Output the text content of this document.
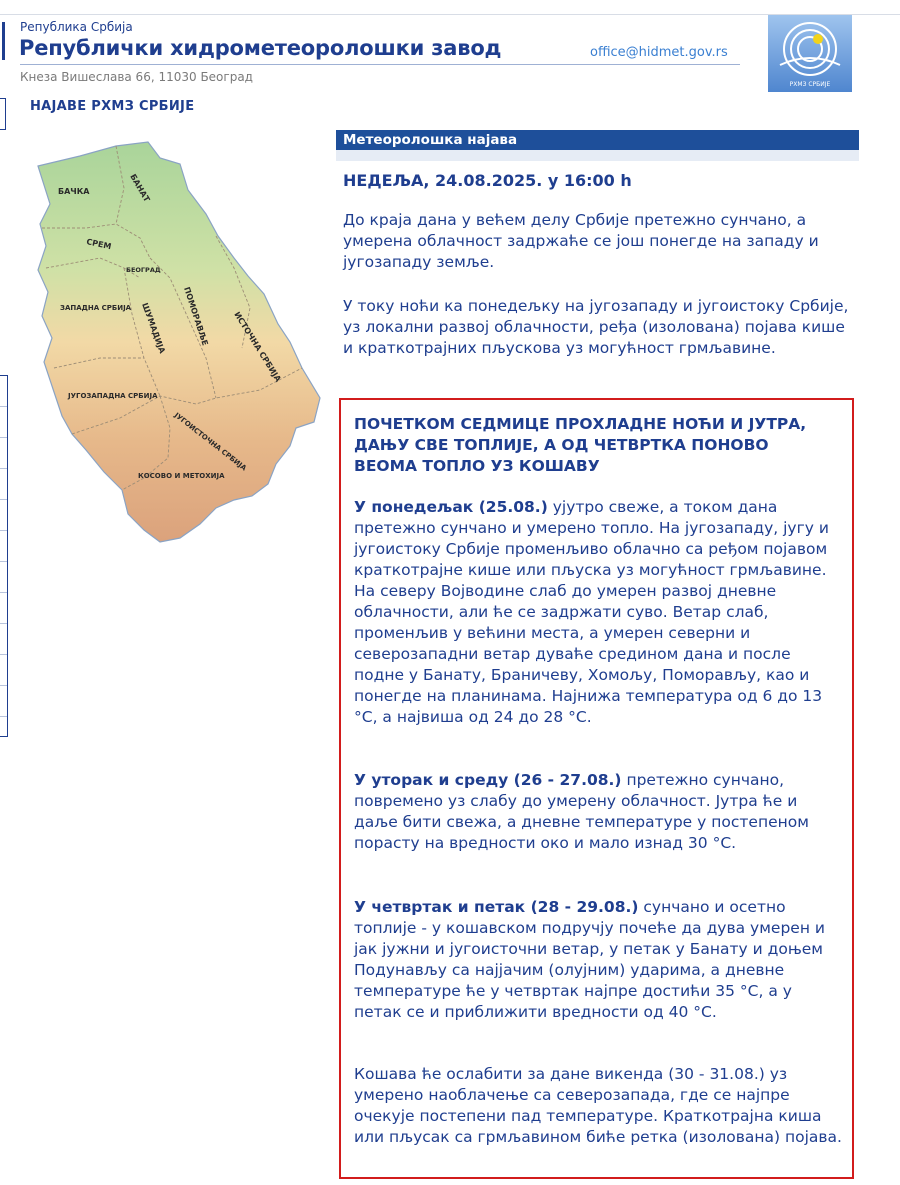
Република Србија
Републички хидрометеоролошки завод
Кнеза Вишеслава 66, 11030 Београд
office@hidmet.gov.rs
РХМЗ СРБИЈЕ
НАЈАВЕ РХМЗ СРБИЈЕ
БАЧКА	БАНАТ
СРЕМ
БЕОГРАД
ЗАПАДНА СРБИЈА ШУМАДИЈА ПОМОРАВЉЕ	ИСТОЧНА СРБИЈА
ЈУГОЗАПАДНА СРБИЈА
ЈУГОИСТОЧНА СРБИЈА
КОСОВО И МЕТОХИЈА
Метеоролошка најава
НЕДЕЉА, 24.08.2025. у 16:00 h

До краја дана у већем делу Србије претежно сунчано, а умерена облачност задржаће се још понегде на западу и југозападу земље.

У току ноћи ка понедељку на југозападу и југоистоку Србије, уз локални развој облачности, ређа (изолована) појава кише и краткотрајних пљускова уз могућност грмљавине.

ПОЧЕТКОМ СЕДМИЦЕ ПРОХЛАДНЕ НОЋИ И ЈУТРА, ДАЊУ СВЕ ТОПЛИЈЕ, А ОД ЧЕТВРТКА ПОНОВО ВЕОМА ТОПЛО УЗ КОШАВУ

У понедељак (25.08.) ујутро свеже, а током дана претежно сунчано и умерено топло. На југозападу, југу и југоистоку Србије променљиво облачно са ређом појавом краткотрајне кише или пљуска уз могућност грмљавине. На северу Војводине слаб до умерен развој дневне облачности, али ће се задржати суво. Ветар слаб, променљив у већини места, а умерен северни и северозападни ветар дуваће средином дана и после подне у Банату, Браничеву, Хомољу, Поморављу, као и понегде на планинама. Најнижа температура од 6 до 13 °C, а највиша од 24 до 28 °C.

У уторак и среду (26 - 27.08.) претежно сунчано, повремено уз слабу до умерену облачност. Јутра ће и даље бити свежа, а дневне температуре у постепеном порасту на вредности око и мало изнад 30 °C.

У четвртак и петак (28 - 29.08.) сунчано и осетно топлије - у кошавском подручју почеће да дува умерен и јак јужни и југоисточни ветар, у петак у Банату и доњем Подунављу са најјачим (олујним) ударима, а дневне температуре ће у четвртак најпре достићи 35 °C, а у петак се и приближити вредности од 40 °C.

Кошава ће ослабити за дане викенда (30 - 31.08.) уз умерено наоблачење са северозапада, где се најпре очекује постепени пад температуре. Краткотрајна киша или пљусак са грмљавином биће ретка (изолована) појава.
